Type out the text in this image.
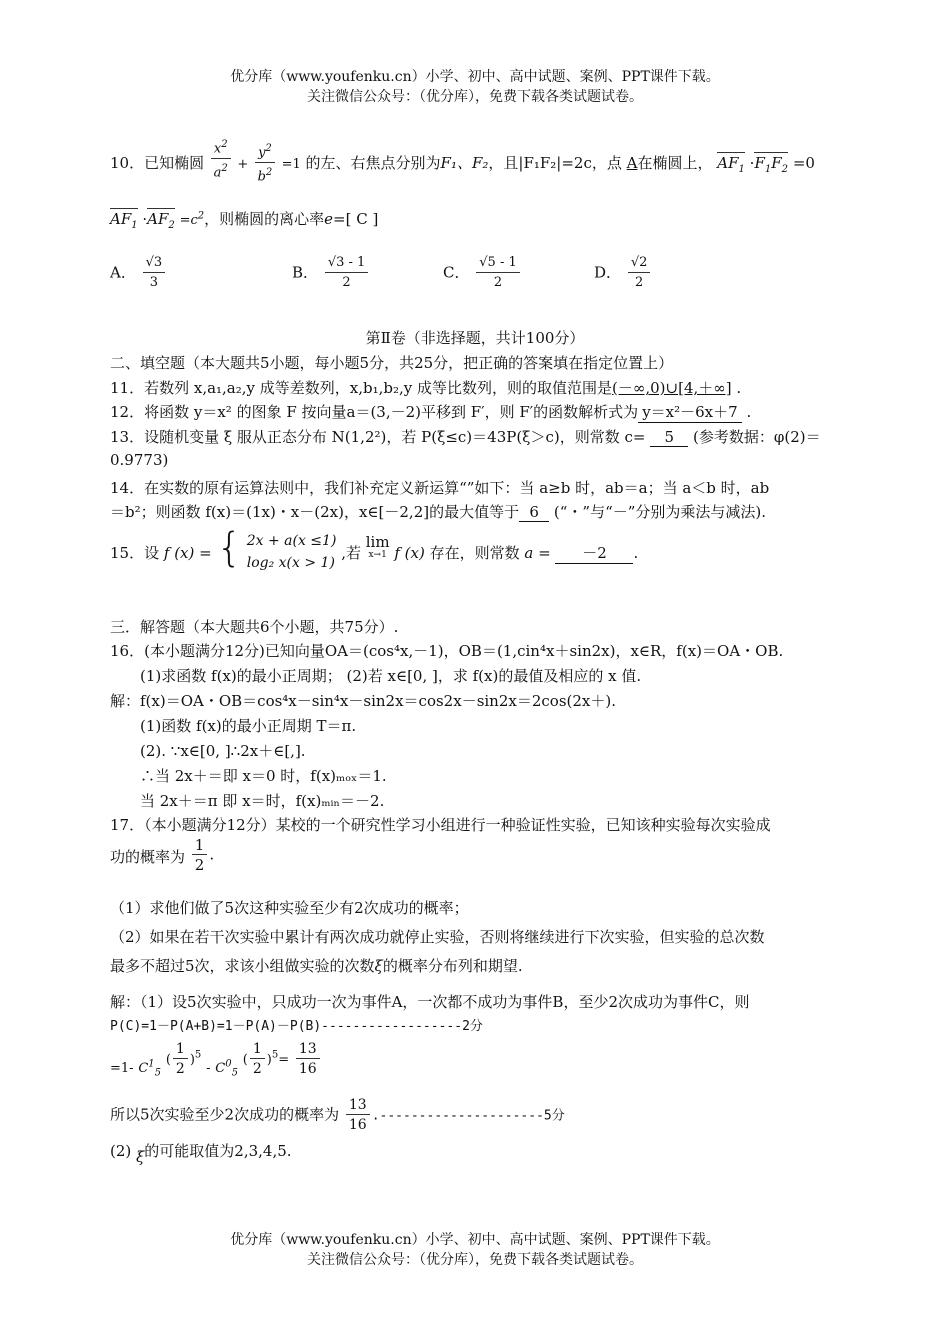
优分库（www.youfenku.cn）小学、初中、高中试题、案例、PPT课件下载。
关注微信公众号：（优分库），免费下载各类试题试卷。
10．已知椭圆 $\frac{x^2}{a^2} + \frac{y^2}{b^2} =1$ 的左、右焦点分别为F₁、F₂，且|F₁F₂|=2c，点 A在椭圆上， $AF_1 \cdot F_1F_2 =0$
$AF_1 \cdot AF_2 =c^2$，则椭圆的离心率e=[ C ]
A． $\frac{√3}{3}$	B． $\frac{√3 - 1}{2}$	C． $\frac{√5 - 1}{2}$	D． $\frac{√2}{2}$
第Ⅱ卷（非选择题，共计100分）
二、填空题（本大题共5小题，每小题5分，共25分，把正确的答案填在指定位置上）
11．若数列 x,a₁,a₂,y 成等差数列，x,b₁,b₂,y 成等比数列，则的取值范围是(－∞,0)∪[4,＋∞] .
12．将函数 y＝x² 的图象 F 按向量a＝(3,－2)平移到 F′，则 F′的函数解析式为 y＝x²－6x＋7 .
13．设随机变量 ξ 服从正态分布 N(1,2²)，若 P(ξ≤c)＝43P(ξ＞c)，则常数 c= 5 (参考数据：φ(2)＝
0.9773)
14．在实数的原有运算法则中，我们补充定义新运算“”如下：当 a≥b 时，ab＝a；当 a＜b 时，ab
＝b²；则函数 f(x)＝(1x)・x－(2x)，x∈[－2,2]的最大值等于 6 (“・”与“－”分别为乘法与减法).
15．设 f (x) = { 2x + a(x ≤1)
log₂ x(x > 1)
,若
lim
x→1 f (x) 存在，则常数 a = －2 .
三．解答题（本大题共6个小题，共75分）.
16．(本小题满分12分)已知向量OA＝(cos⁴x,－1)，OB＝(1,cin⁴x＋sin2x)，x∈R，f(x)＝OA・OB.
(1)求函数 f(x)的最小正周期； (2)若 x∈[0, ]，求 f(x)的最值及相应的 x 值.
解：f(x)＝OA・OB＝cos⁴x－sin⁴x－sin2x＝cos2x－sin2x＝2cos(2x＋).
(1)函数 f(x)的最小正周期 T＝π.
(2). ∵x∈[0, ]∴2x＋∈[,].
∴当 2x＋＝即 x＝0 时，f(x)ₘₒₓ＝1.
当 2x＋＝π 即 x＝时，f(x)ₘᵢₙ＝－2.
17．（本小题满分12分）某校的一个研究性学习小组进行一种验证性实验，已知该种实验每次实验成
功的概率为 $\frac{1}{2}$ .
（1）求他们做了5次这种实验至少有2次成功的概率；
（2）如果在若干次实验中累计有两次成功就停止实验，否则将继续进行下次实验，但实验的总次数
最多不超过5次，求该小组做实验的次数ξ的概率分布列和期望.
解：（1）设5次实验中，只成功一次为事件A，一次都不成功为事件B，至少2次成功为事件C，则
P(C)=1－P(A+B)=1－P(A)－P(B)------------------2分
=1- $C^1_5$ ( $\frac{1}{2} )^5 - C^0_5$ ( $\frac{1}{2} )^5= \frac{13}{16}$
所以5次实验至少2次成功的概率为 $\frac{13}{16} .---------------------5$分
(2) ξ的可能取值为2,3,4,5.
优分库（www.youfenku.cn）小学、初中、高中试题、案例、PPT课件下载。
关注微信公众号：（优分库），免费下载各类试题试卷。
